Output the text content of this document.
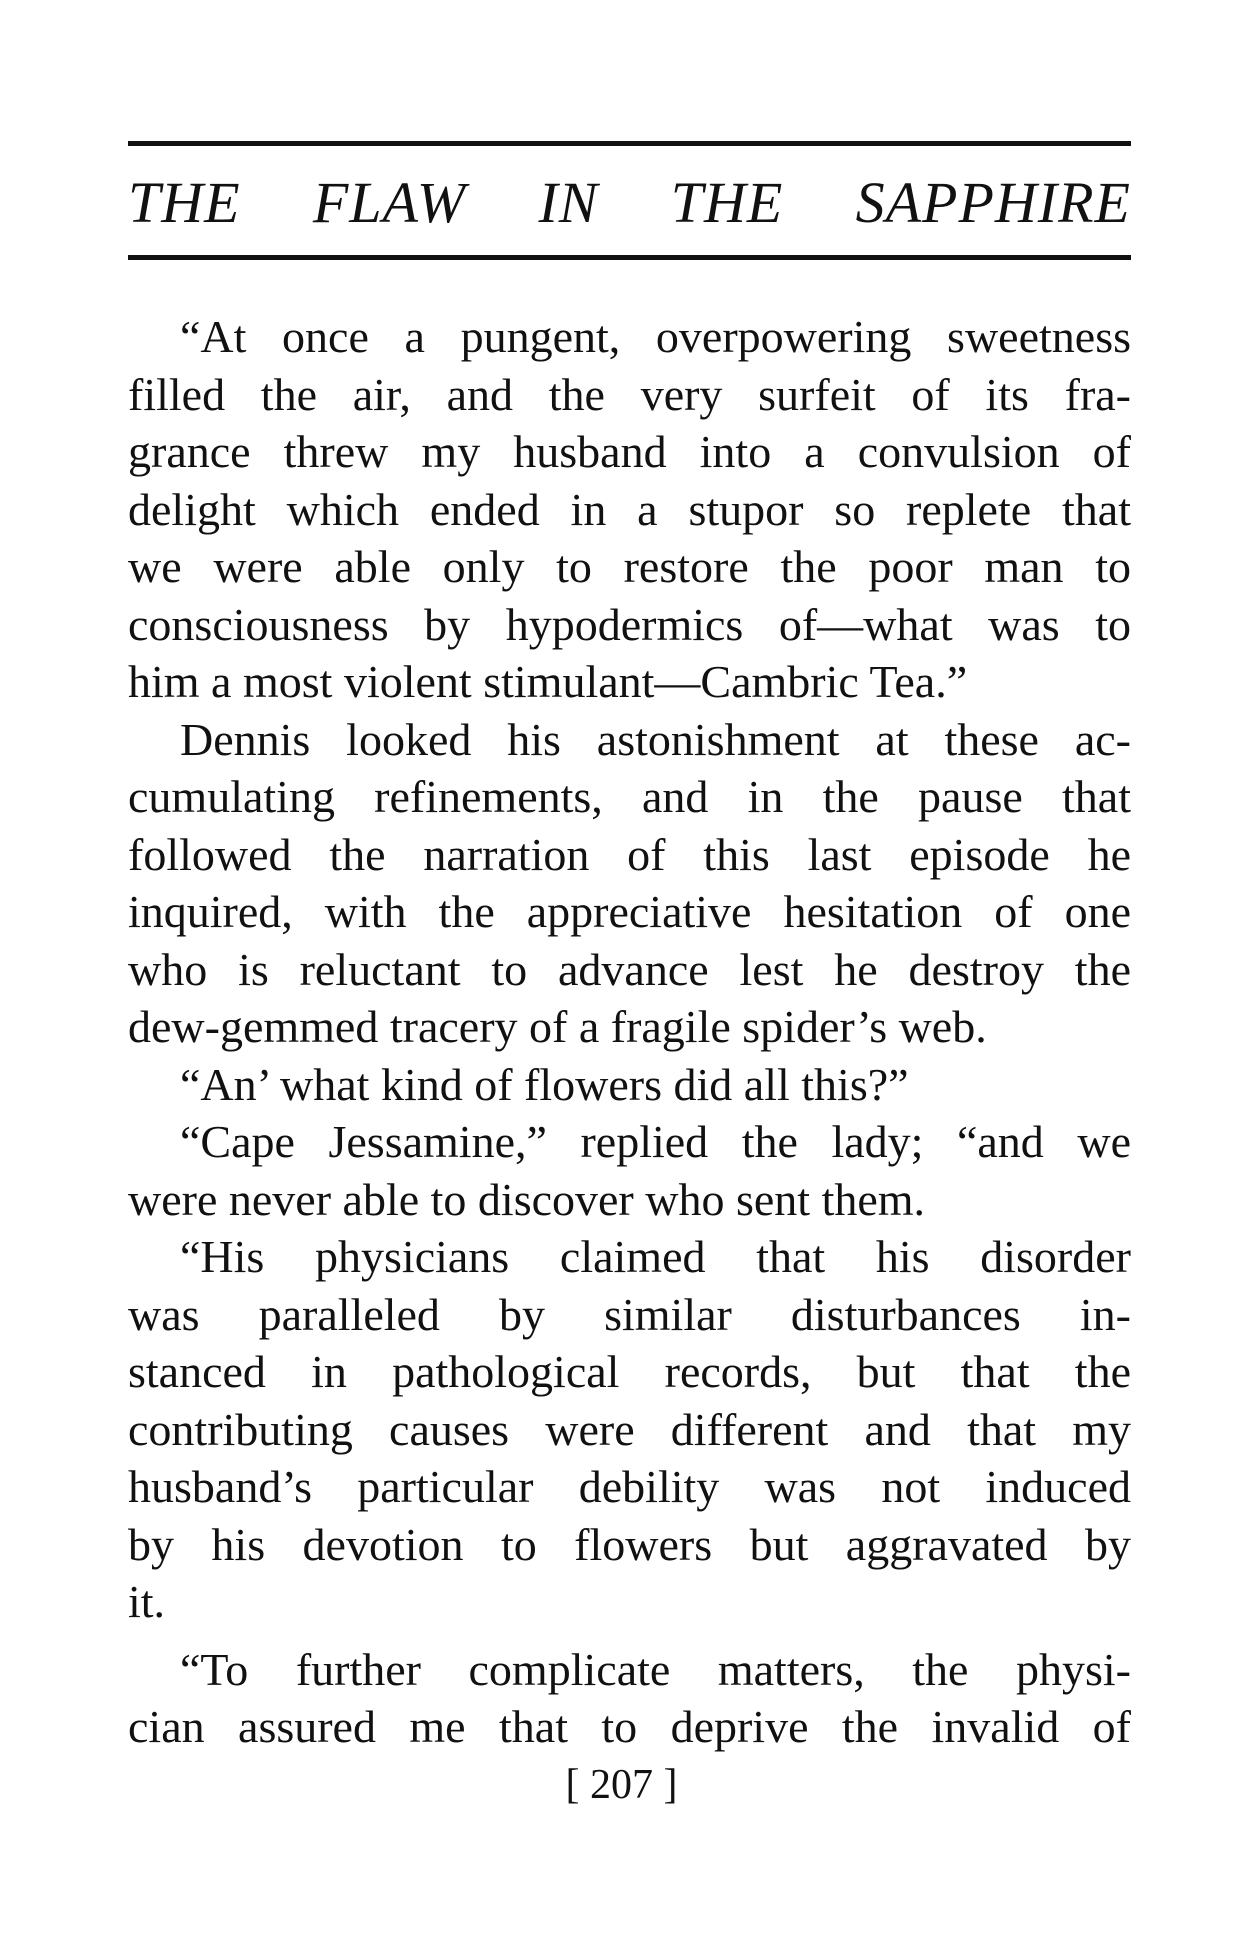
THE FLAW IN THE SAPPHIRE
“At once a pungent, overpowering sweetness
filled the air, and the very surfeit of its fra-
grance threw my husband into a convulsion of
delight which ended in a stupor so replete that
we were able only to restore the poor man to
consciousness by hypodermics of—what was to
him a most violent stimulant—Cambric Tea.”
Dennis looked his astonishment at these ac-
cumulating refinements, and in the pause that
followed the narration of this last episode he
inquired, with the appreciative hesitation of one
who is reluctant to advance lest he destroy the
dew-gemmed tracery of a fragile spider’s web.
“An’ what kind of flowers did all this?”
“Cape Jessamine,” replied the lady; “and we
were never able to discover who sent them.
“His physicians claimed that his disorder
was paralleled by similar disturbances in-
stanced in pathological records, but that the
contributing causes were different and that my
husband’s particular debility was not induced
by his devotion to flowers but aggravated by
it.
“To further complicate matters, the physi-
cian assured me that to deprive the invalid of
[ 207 ]
